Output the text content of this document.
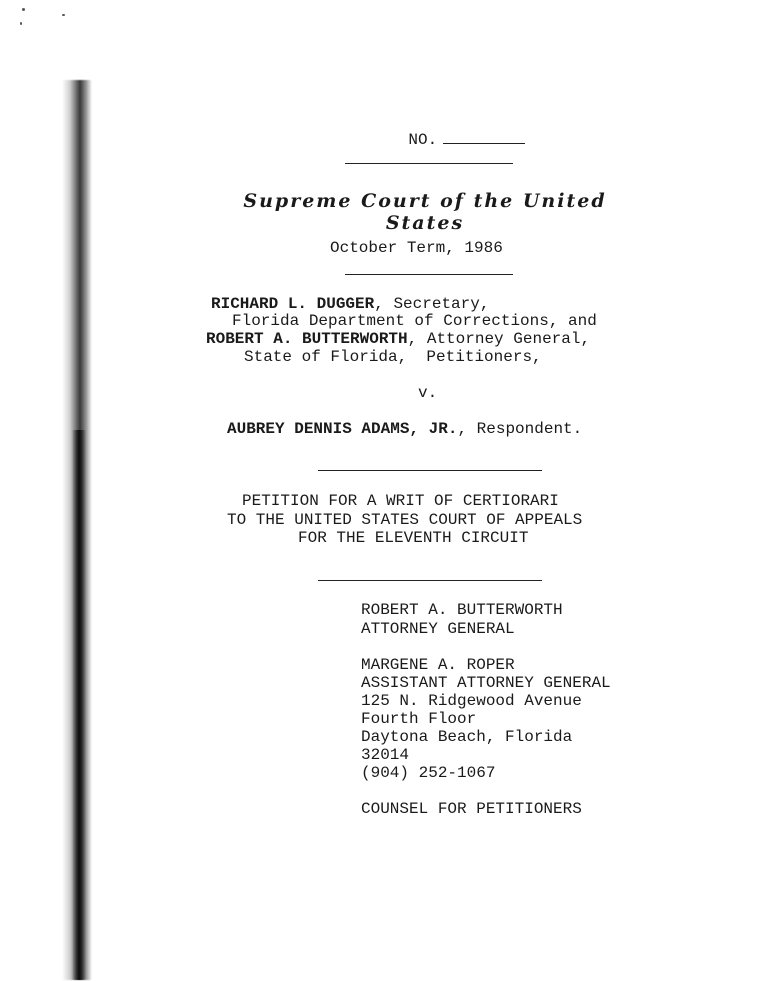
NO.

Supreme Court of the United States
October Term, 1986
RICHARD L. DUGGER, Secretary,
Florida Department of Corrections, and
ROBERT A. BUTTERWORTH, Attorney General,
State of Florida,  Petitioners,
v.
AUBREY DENNIS ADAMS, JR., Respondent.
PETITION FOR A WRIT OF CERTIORARI
TO THE UNITED STATES COURT OF APPEALS
FOR THE ELEVENTH CIRCUIT
ROBERT A. BUTTERWORTH
ATTORNEY GENERAL
MARGENE A. ROPER
ASSISTANT ATTORNEY GENERAL
125 N. Ridgewood Avenue
Fourth Floor
Daytona Beach, Florida
32014
(904) 252-1067
COUNSEL FOR PETITIONERS
